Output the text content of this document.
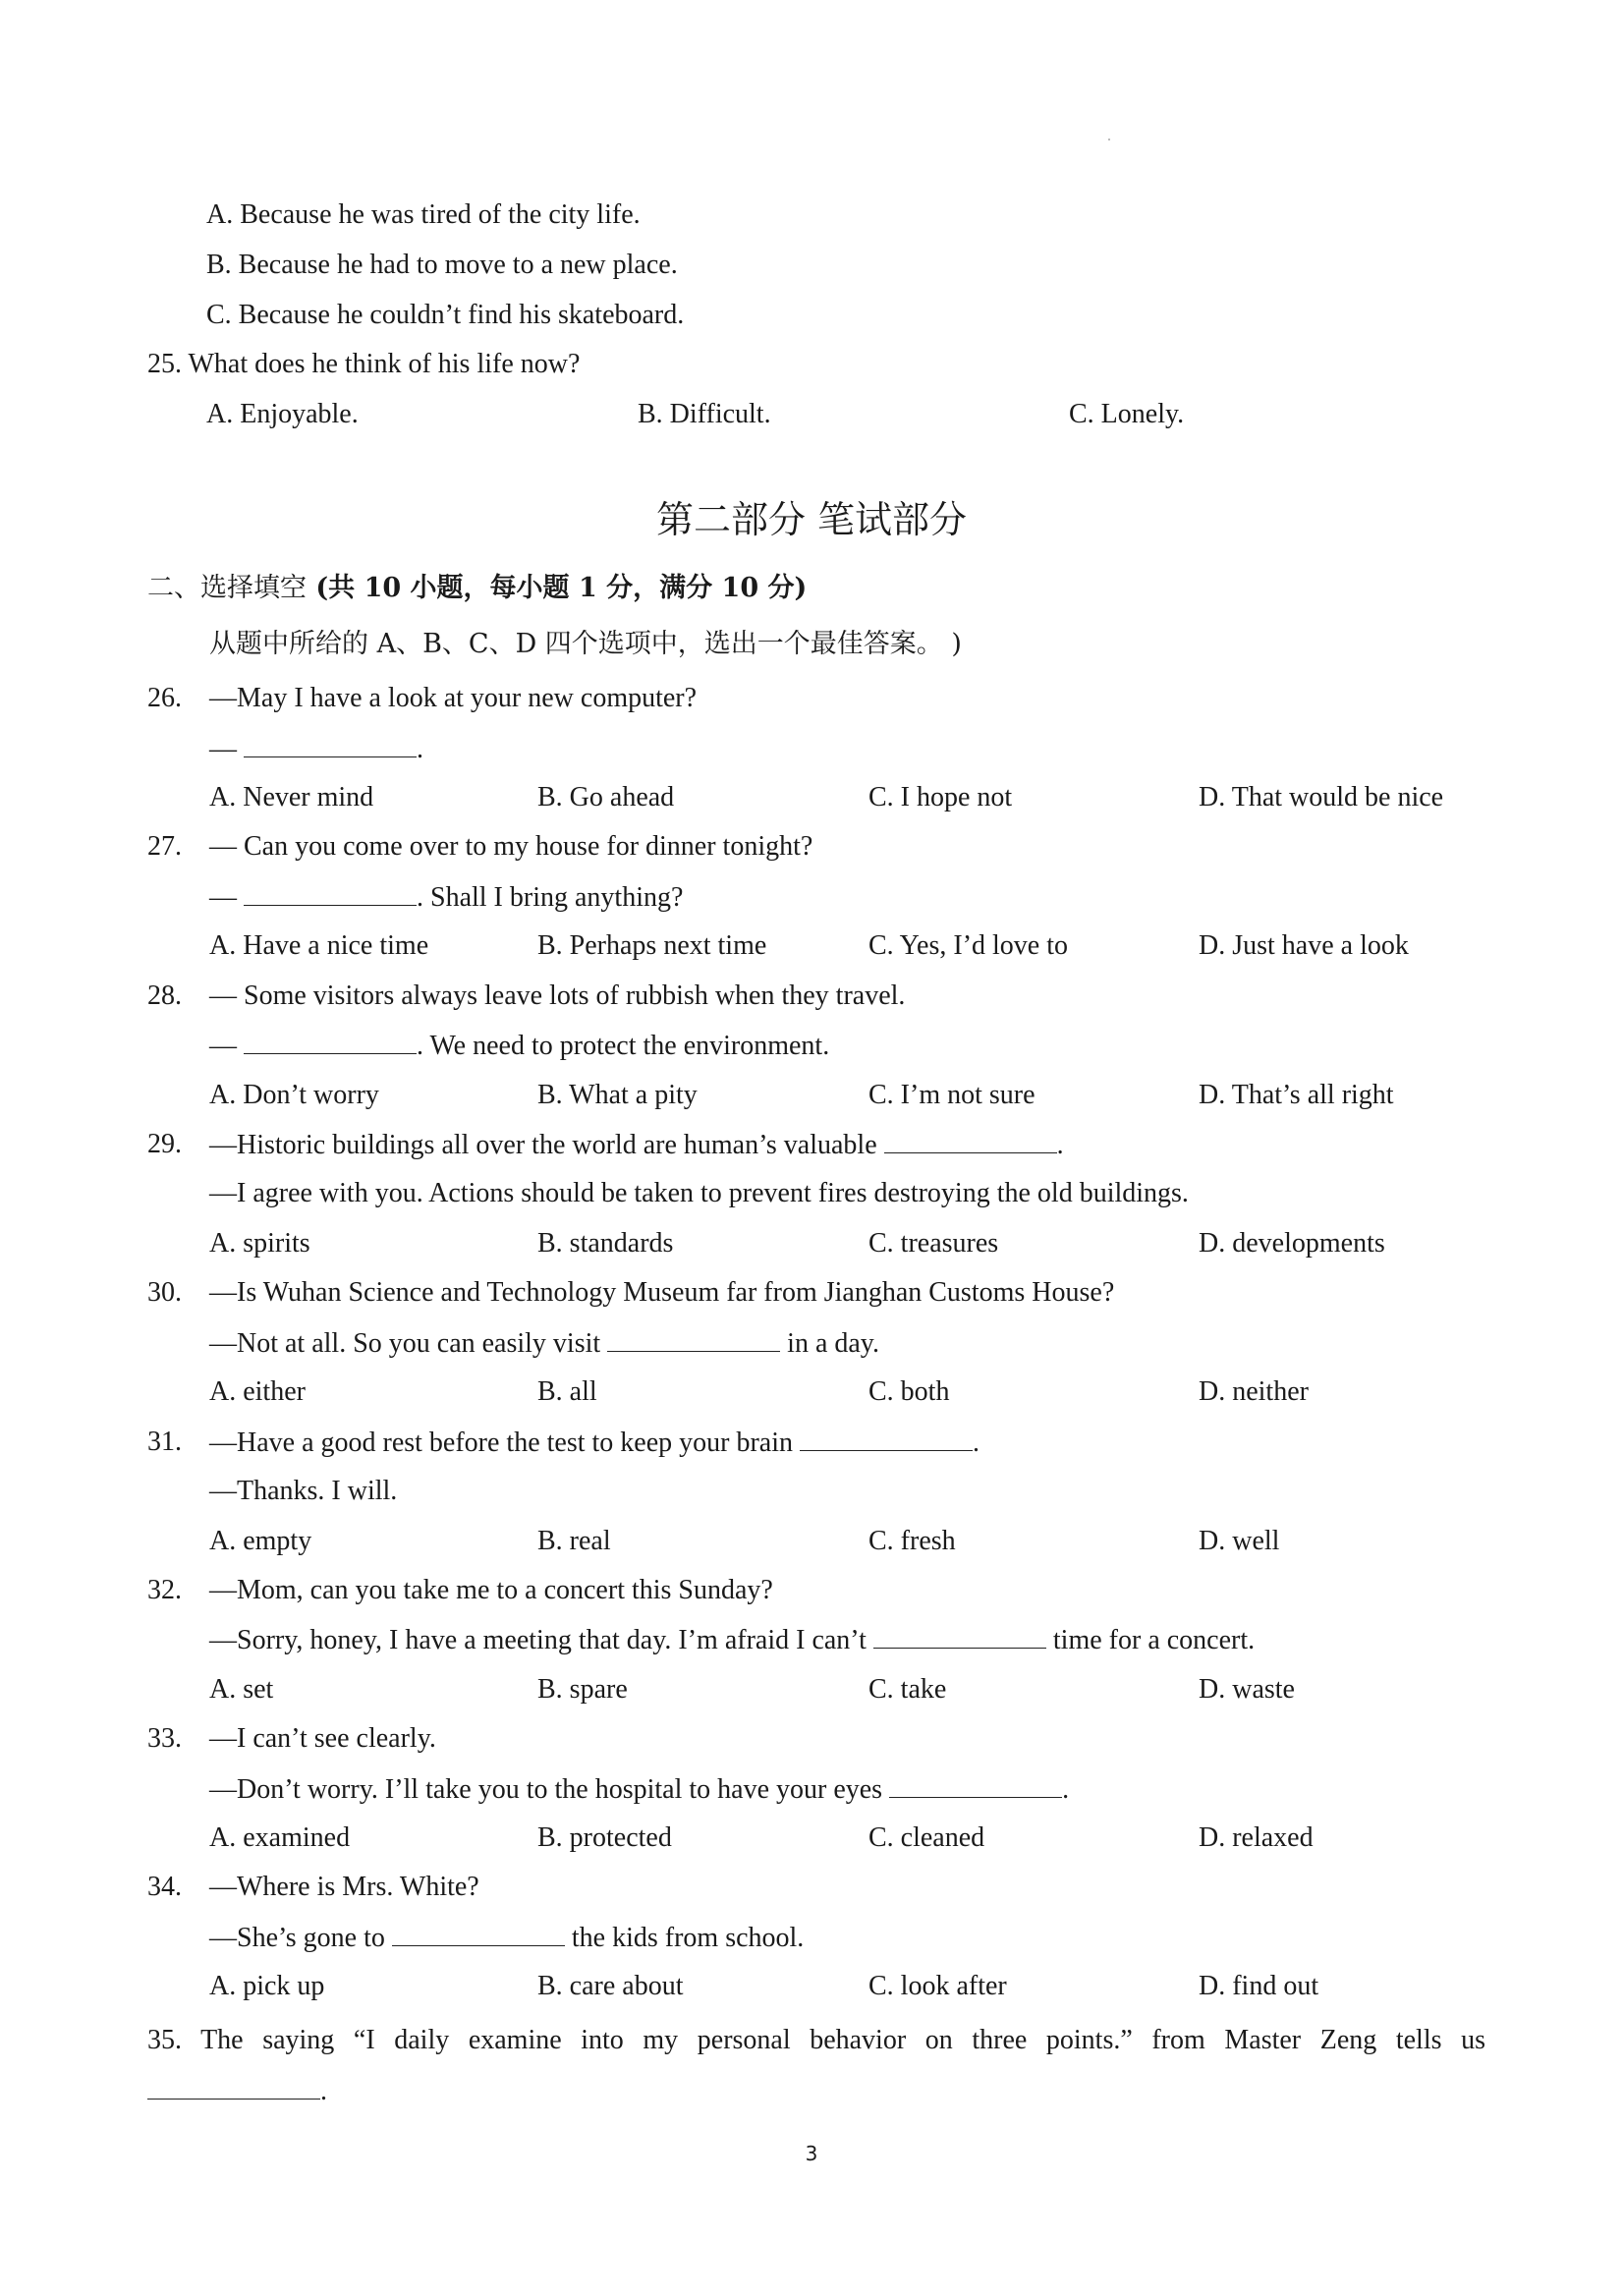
A. Because he was tired of the city life.
B. Because he had to move to a new place.
C. Because he couldn’t find his skateboard.
25. What does he think of his life now?
A. Enjoyable.	B. Difficult.	C. Lonely.
第二部分 笔试部分
二、选择填空 (共 10 小题，每小题 1 分，满分 10 分)
从题中所给的 A、B、C、D 四个选项中，选出一个最佳答案。 )
26. —May I have a look at your new computer?
—	.
A. Never mind	B. Go ahead	C. I hope not	D. That would be nice
27. — Can you come over to my house for dinner tonight?
—	. Shall I bring anything?
A. Have a nice time	B. Perhaps next time	C. Yes, I’d love to	D. Just have a look
28. — Some visitors always leave lots of rubbish when they travel.
—	. We need to protect the environment.
A. Don’t worry	B. What a pity	C. I’m not sure	D. That’s all right
29. —Historic buildings all over the world are human’s valuable	.
—I agree with you. Actions should be taken to prevent fires destroying the old buildings.
A. spirits	B. standards	C. treasures	D. developments
30. —Is Wuhan Science and Technology Museum far from Jianghan Customs House?
—Not at all. So you can easily visit	in a day.
A. either	B. all	C. both	D. neither
31. —Have a good rest before the test to keep your brain	.
—Thanks. I will.
A. empty	B. real	C. fresh	D. well
32. —Mom, can you take me to a concert this Sunday?
—Sorry, honey, I have a meeting that day. I’m afraid I can’t	time for a concert.
A. set	B. spare	C. take	D. waste
33. —I can’t see clearly.
—Don’t worry. I’ll take you to the hospital to have your eyes	.
A. examined	B. protected	C. cleaned	D. relaxed
34. —Where is Mrs. White?
—She’s gone to	the kids from school.
A. pick up	B. care about	C. look after	D. find out
35. The saying “I daily examine into my personal behavior on three points.” from Master Zeng tells us
.
3
